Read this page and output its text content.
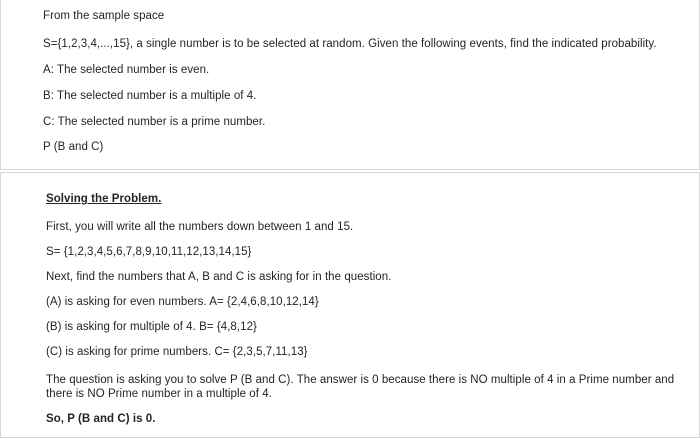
From the sample space
S={1,2,3,4,...,15}, a single number is to be selected at random. Given the following events, find the indicated probability.
A: The selected number is even.
B: The selected number is a multiple of 4.
C: The selected number is a prime number.
P (B and C)
Solving the Problem.
First, you will write all the numbers down between 1 and 15.
S= {1,2,3,4,5,6,7,8,9,10,11,12,13,14,15}
Next, find the numbers that A, B and C is asking for in the question.
(A) is asking for even numbers. A= {2,4,6,8,10,12,14}
(B) is asking for multiple of 4. B= {4,8,12}
(C) is asking for prime numbers. C= {2,3,5,7,11,13}
The question is asking you to solve P (B and C). The answer is 0 because there is NO multiple of 4 in a Prime number and there is NO Prime number in a multiple of 4.
So, P (B and C) is 0.
